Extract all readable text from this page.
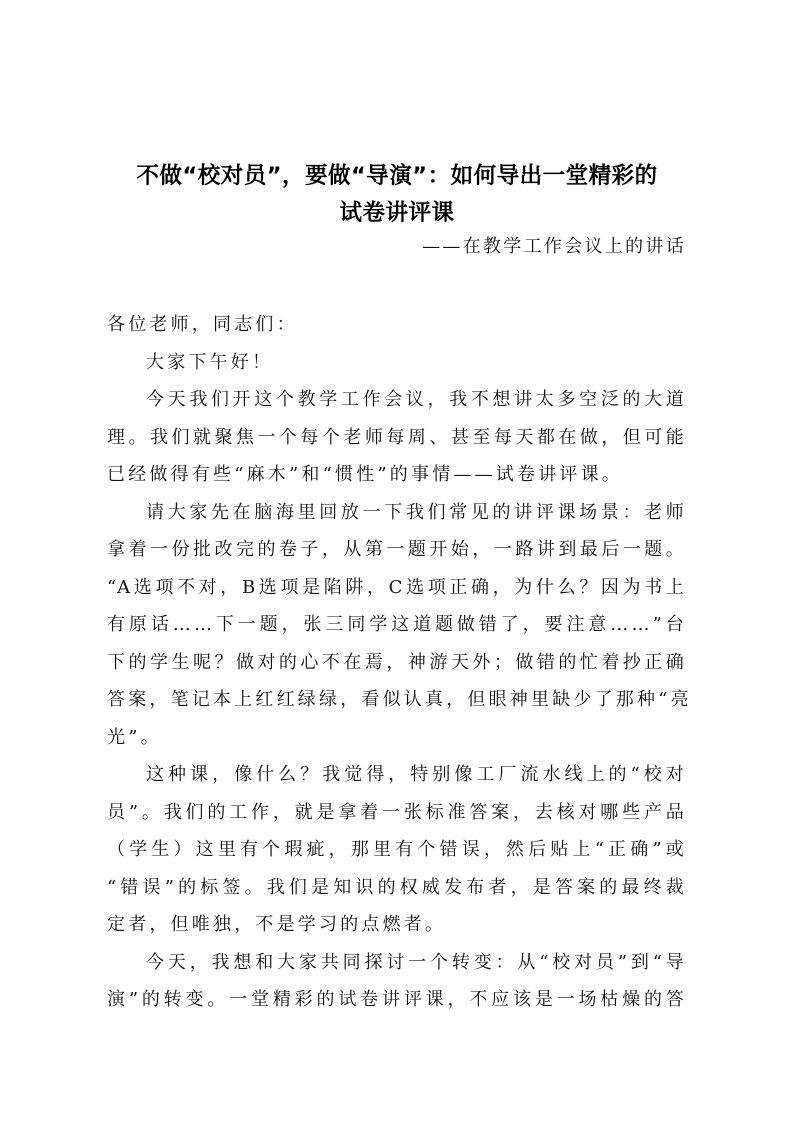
不做“校对员”，要做“导演”：如何导出一堂精彩的
试卷讲评课
——在教学工作会议上的讲话
各位老师，同志们：
大家下午好！
今天我们开这个教学工作会议，我不想讲太多空泛的大道
理。我们就聚焦一个每个老师每周、甚至每天都在做，但可能
已经做得有些“麻木”和“惯性”的事情——试卷讲评课。
请大家先在脑海里回放一下我们常见的讲评课场景：老师
拿着一份批改完的卷子，从第一题开始，一路讲到最后一题。
“A选项不对，B选项是陷阱，C选项正确，为什么？因为书上
有原话……下一题，张三同学这道题做错了，要注意……”台
下的学生呢？做对的心不在焉，神游天外；做错的忙着抄正确
答案，笔记本上红红绿绿，看似认真，但眼神里缺少了那种“亮
光”。
这种课，像什么？我觉得，特别像工厂流水线上的“校对
员”。我们的工作，就是拿着一张标准答案，去核对哪些产品
（学生）这里有个瑕疵，那里有个错误，然后贴上“正确”或
“错误”的标签。我们是知识的权威发布者，是答案的最终裁
定者，但唯独，不是学习的点燃者。
今天，我想和大家共同探讨一个转变：从“校对员”到“导
演”的转变。一堂精彩的试卷讲评课，不应该是一场枯燥的答
